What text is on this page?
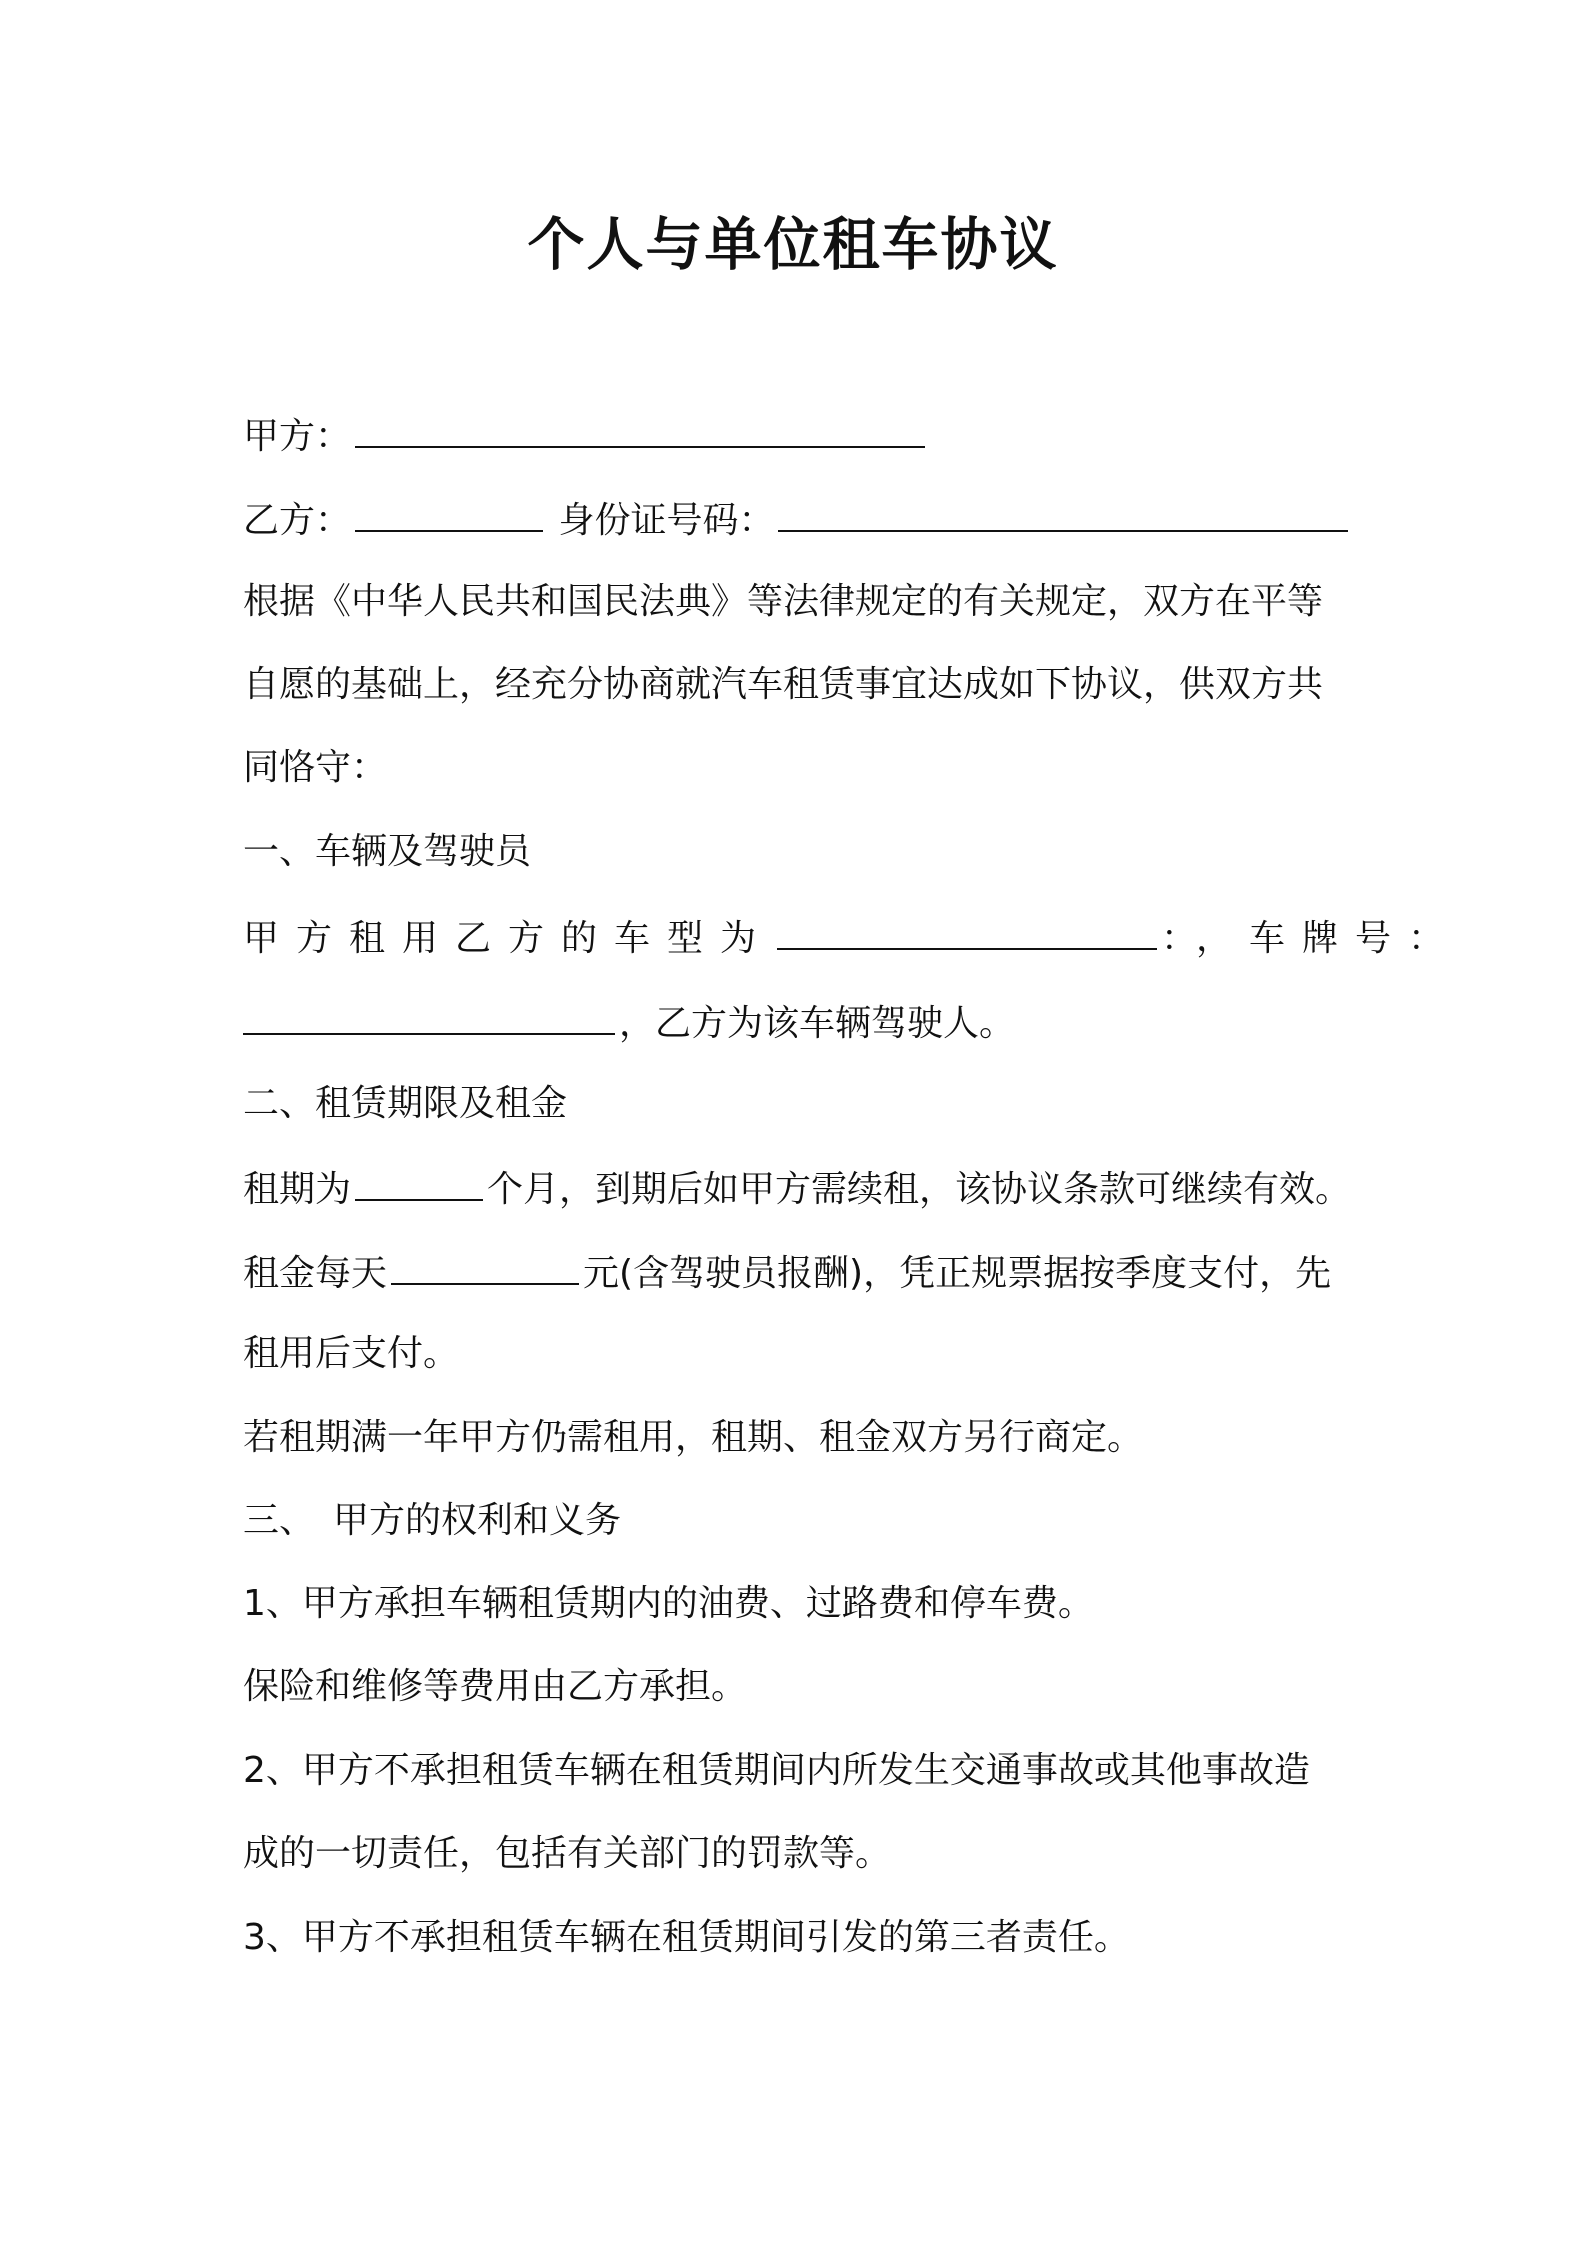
个人与单位租车协议
甲方：
乙方：	身份证号码：
根据《中华人民共和国民法典》等法律规定的有关规定，双方在平等
自愿的基础上，经充分协商就汽车租赁事宜达成如下协议，供双方共
同恪守：
一、车辆及驾驶员
甲方租用乙方的车型为	：，车牌号：
，乙方为该车辆驾驶人。
二、租赁期限及租金
租期为	个月，到期后如甲方需续租，该协议条款可继续有效。
租金每天	元(含驾驶员报酬)，凭正规票据按季度支付，先
租用后支付。
若租期满一年甲方仍需租用，租期、租金双方另行商定。
三、　甲方的权利和义务
1、甲方承担车辆租赁期内的油费、过路费和停车费。
保险和维修等费用由乙方承担。
2、甲方不承担租赁车辆在租赁期间内所发生交通事故或其他事故造
成的一切责任，包括有关部门的罚款等。
3、甲方不承担租赁车辆在租赁期间引发的第三者责任。
